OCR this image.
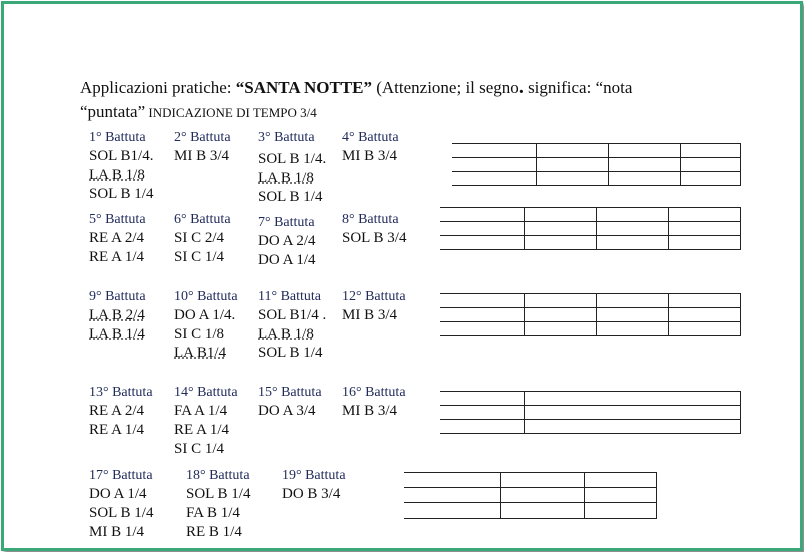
Applicazioni pratiche: “SANTA NOTTE” (Attenzione; il segno. significa: “nota
“puntata” INDICAZIONE DI TEMPO 3/4
1° Battuta
SOL B1/4.
LA B 1/8
SOL B 1/4
2° Battuta
MI B 3/4
3° Battuta
SOL B 1/4.
LA B 1/8
SOL B 1/4
4° Battuta
MI B 3/4
5° Battuta
RE A 2/4
RE A 1/4
6° Battuta
SI C 2/4
SI C 1/4
7° Battuta
DO A 2/4
DO A 1/4
8° Battuta
SOL B 3/4
9° Battuta
LA B 2/4
LA B 1/4
10° Battuta
DO A 1/4.
SI C 1/8
LA B1/4
11° Battuta
SOL B1/4 .
LA B 1/8
SOL B 1/4
12° Battuta
MI B 3/4
13° Battuta
RE A 2/4
RE A 1/4
14° Battuta
FA A 1/4
RE A 1/4
SI C 1/4
15° Battuta
DO A 3/4
16° Battuta
MI B 3/4
17° Battuta
DO A 1/4
SOL B 1/4
MI B 1/4
18° Battuta
SOL B 1/4
FA B 1/4
RE B 1/4
19° Battuta
DO B 3/4
